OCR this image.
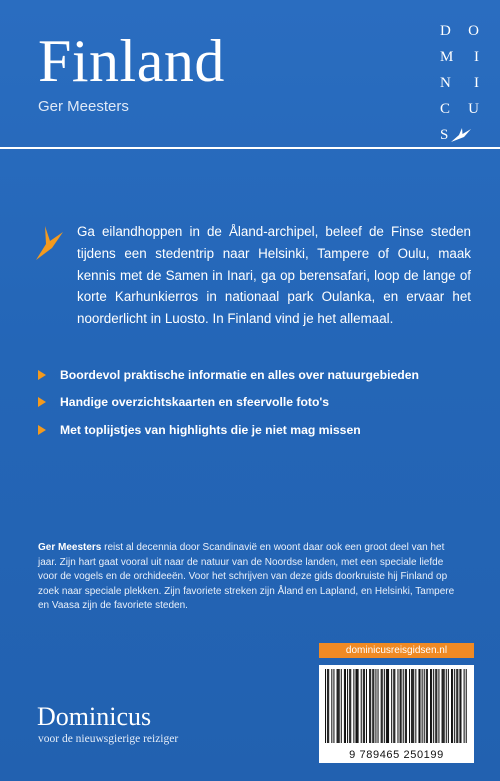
Finland
Ger Meesters
D O
M I
N I
C U
S
Ga eilandhoppen in de Åland-archipel, beleef de Finse steden tijdens een stedentrip naar Helsinki, Tampere of Oulu, maak kennis met de Samen in Inari, ga op berensafari, loop de lange of korte Karhunkierros in nationaal park Oulanka, en ervaar het noorderlicht in Luosto. In Finland vind je het allemaal.
Boordevol praktische informatie en alles over natuurgebieden
Handige overzichtskaarten en sfeervolle foto's
Met toplijstjes van highlights die je niet mag missen
Ger Meesters reist al decennia door Scandinavië en woont daar ook een groot deel van het jaar. Zijn hart gaat vooral uit naar de natuur van de Noordse landen, met een speciale liefde voor de vogels en de orchideeën. Voor het schrijven van deze gids doorkruiste hij Finland op zoek naar speciale plekken. Zijn favoriete streken zijn Åland en Lapland, en Helsinki, Tampere en Vaasa zijn de favoriete steden.
Dominicus
voor de nieuwsgierige reiziger
dominicusreisgidsen.nl
9 789465 250199
